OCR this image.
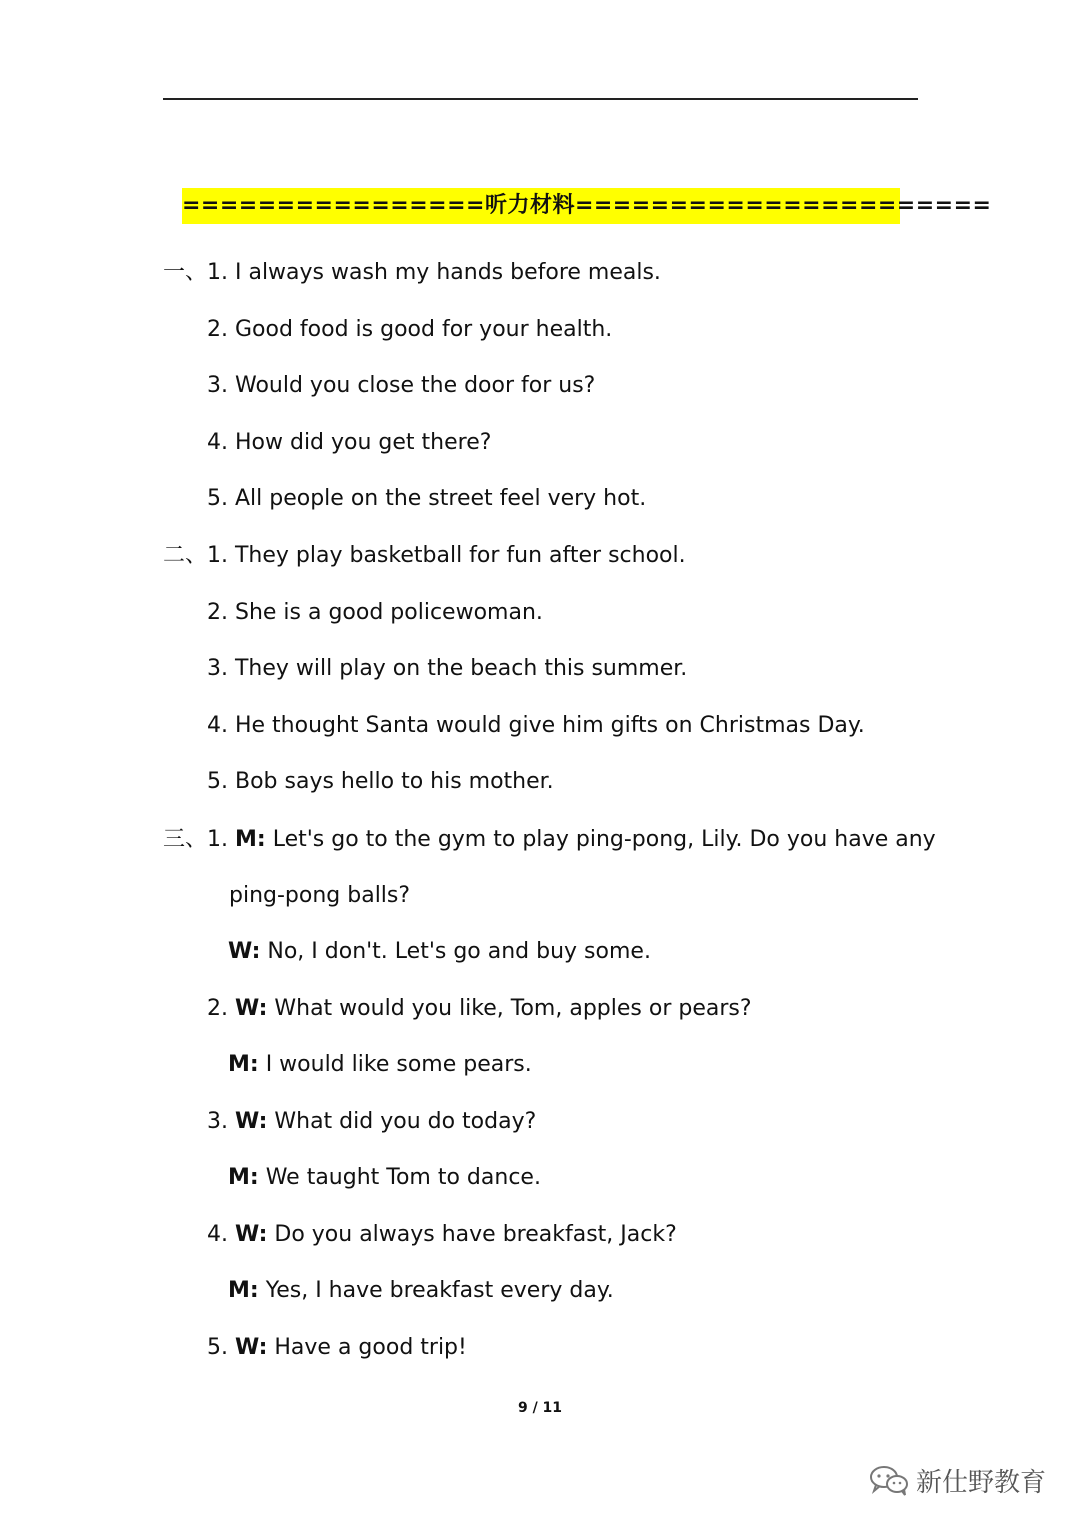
================听力材料======================
一、 1. I always wash my hands before meals.
2. Good food is good for your health.
3. Would you close the door for us?
4. How did you get there?
5. All people on the street feel very hot.
二、 1. They play basketball for fun after school.
2. She is a good policewoman.
3. They will play on the beach this summer.
4. He thought Santa would give him gifts on Christmas Day.
5. Bob says hello to his mother.
三、 1. M: Let's go to the gym to play ping-pong, Lily. Do you have any
ping-pong balls?
W: No, I don't. Let's go and buy some.
2. W: What would you like, Tom, apples or pears?
M: I would like some pears.
3. W: What did you do today?
M: We taught Tom to dance.
4. W: Do you always have breakfast, Jack?
M: Yes, I have breakfast every day.
5. W: Have a good trip!
9 / 11
新仕野教育
